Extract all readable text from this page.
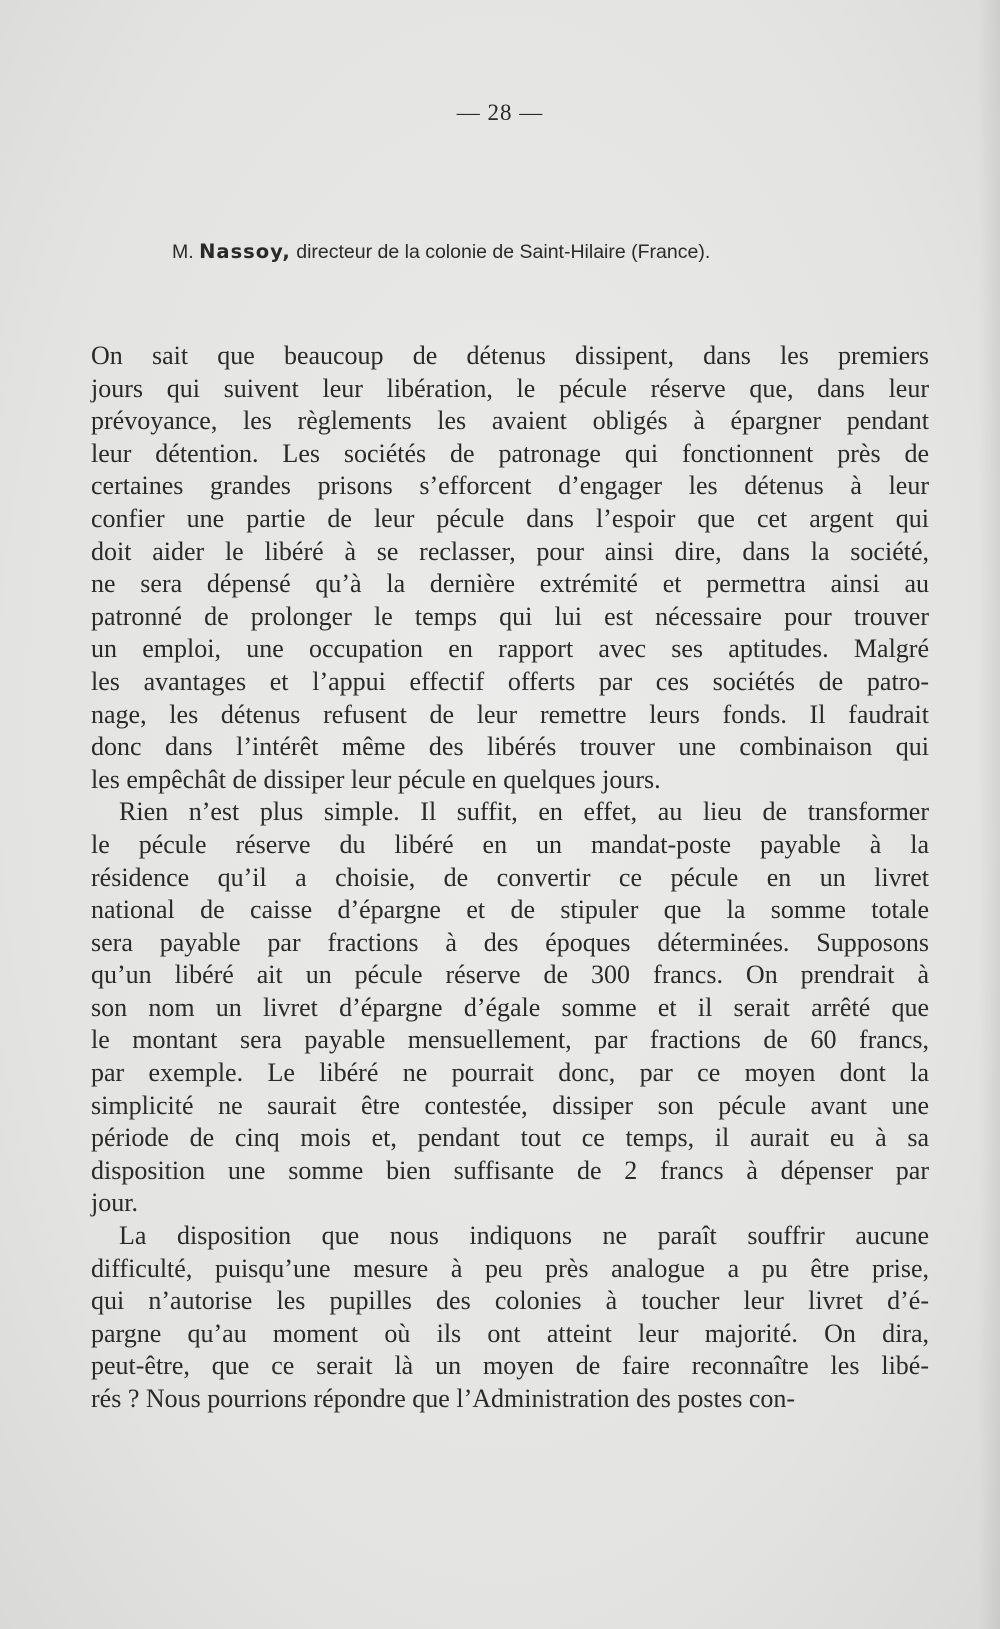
— 28 —
M. Nassoy, directeur de la colonie de Saint-Hilaire (France).
On sait que beaucoup de détenus dissipent, dans les premiers
jours qui suivent leur libération, le pécule réserve que, dans leur
prévoyance, les règlements les avaient obligés à épargner pendant
leur détention. Les sociétés de patronage qui fonctionnent près de
certaines grandes prisons s’efforcent d’engager les détenus à leur
confier une partie de leur pécule dans l’espoir que cet argent qui
doit aider le libéré à se reclasser, pour ainsi dire, dans la société,
ne sera dépensé qu’à la dernière extrémité et permettra ainsi au
patronné de prolonger le temps qui lui est nécessaire pour trouver
un emploi, une occupation en rapport avec ses aptitudes. Malgré
les avantages et l’appui effectif offerts par ces sociétés de patro-
nage, les détenus refusent de leur remettre leurs fonds. Il faudrait
donc dans l’intérêt même des libérés trouver une combinaison qui
les empêchât de dissiper leur pécule en quelques jours.
Rien n’est plus simple. Il suffit, en effet, au lieu de transformer
le pécule réserve du libéré en un mandat-poste payable à la
résidence qu’il a choisie, de convertir ce pécule en un livret
national de caisse d’épargne et de stipuler que la somme totale
sera payable par fractions à des époques déterminées. Supposons
qu’un libéré ait un pécule réserve de 300 francs. On prendrait à
son nom un livret d’épargne d’égale somme et il serait arrêté que
le montant sera payable mensuellement, par fractions de 60 francs,
par exemple. Le libéré ne pourrait donc, par ce moyen dont la
simplicité ne saurait être contestée, dissiper son pécule avant une
période de cinq mois et, pendant tout ce temps, il aurait eu à sa
disposition une somme bien suffisante de 2 francs à dépenser par
jour.
La disposition que nous indiquons ne paraît souffrir aucune
difficulté, puisqu’une mesure à peu près analogue a pu être prise,
qui n’autorise les pupilles des colonies à toucher leur livret d’é-
pargne qu’au moment où ils ont atteint leur majorité. On dira,
peut-être, que ce serait là un moyen de faire reconnaître les libé-
rés ? Nous pourrions répondre que l’Administration des postes con-
